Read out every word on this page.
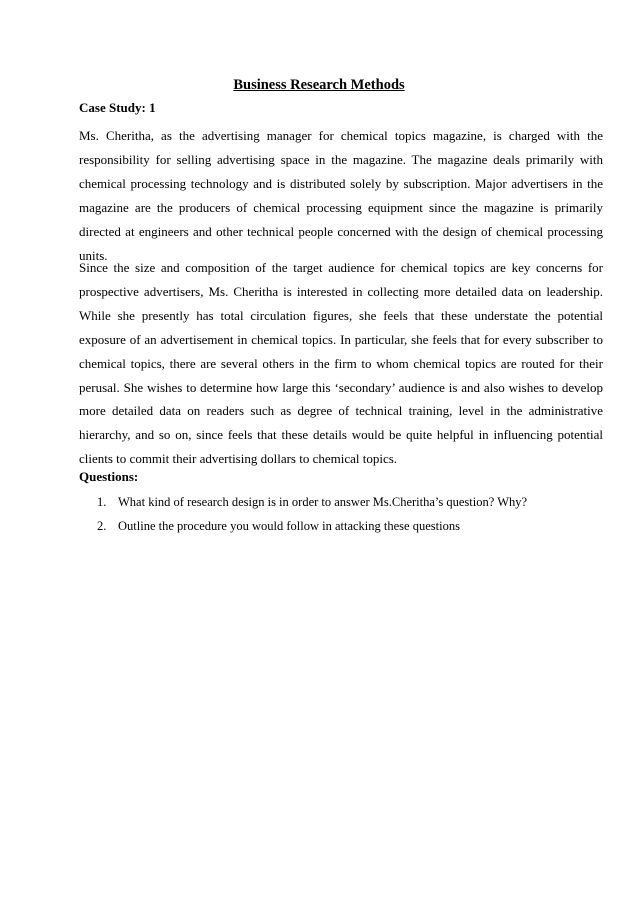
Business Research Methods
Case Study: 1

Ms. Cheritha, as the advertising manager for chemical topics magazine, is charged with the responsibility for selling advertising space in the magazine. The magazine deals primarily with chemical processing technology and is distributed solely by subscription. Major advertisers in the magazine are the producers of chemical processing equipment since the magazine is primarily directed at engineers and other technical people concerned with the design of chemical processing units.

Since the size and composition of the target audience for chemical topics are key concerns for prospective advertisers, Ms. Cheritha is interested in collecting more detailed data on leadership. While she presently has total circulation figures, she feels that these understate the potential exposure of an advertisement in chemical topics. In particular, she feels that for every subscriber to chemical topics, there are several others in the firm to whom chemical topics are routed for their perusal. She wishes to determine how large this ‘secondary’ audience is and also wishes to develop more detailed data on readers such as degree of technical training, level in the administrative hierarchy, and so on, since feels that these details would be quite helpful in influencing potential clients to commit their advertising dollars to chemical topics.

Questions:
1. What kind of research design is in order to answer Ms.Cheritha’s question? Why?
2. Outline the procedure you would follow in attacking these questions
